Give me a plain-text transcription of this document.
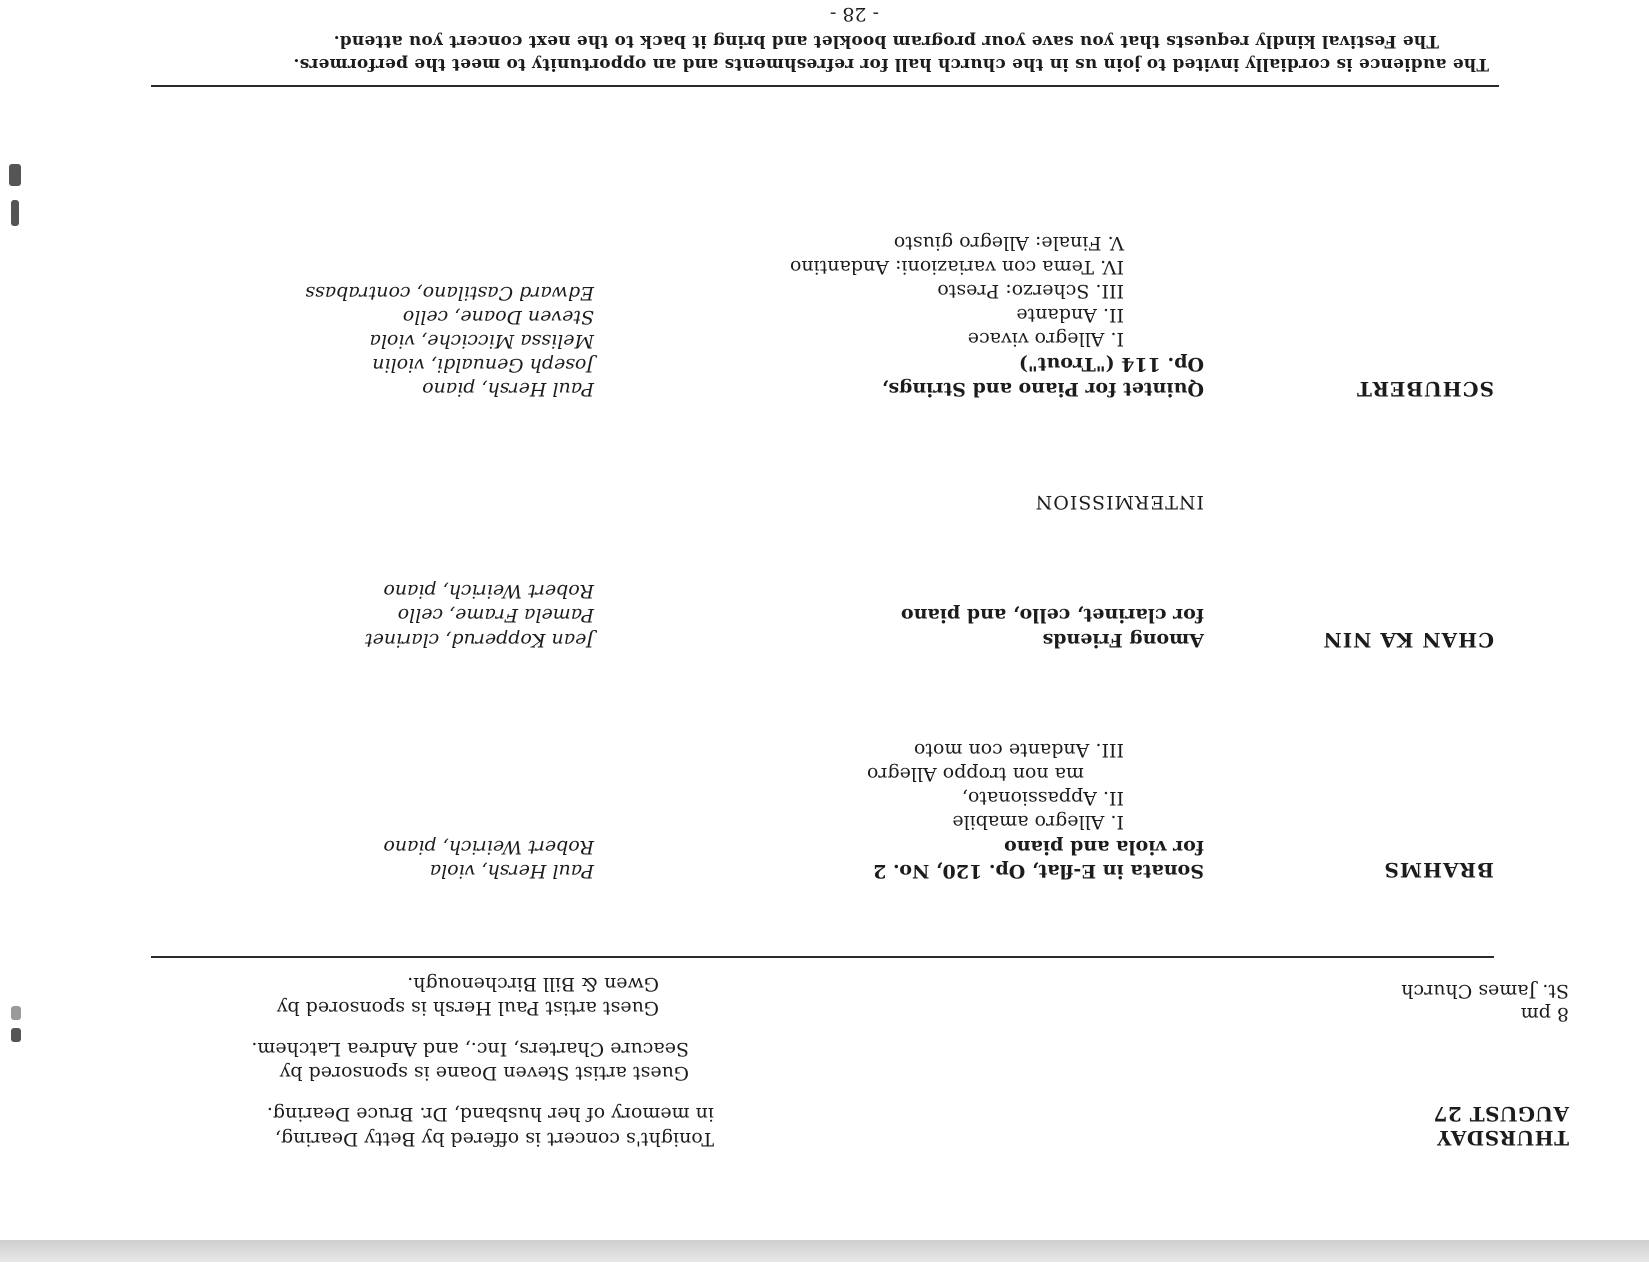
THURSDAY
AUGUST 27
8 pm
St. James Church
Tonight's concert is offered by Betty Dearing,
in memory of her husband, Dr. Bruce Dearing.
Guest artist Steven Doane is sponsored by
Seacure Charters, Inc., and Andrea Latchem.
Guest artist Paul Hersh is sponsored by
Gwen & Bill Birchenough.
BRAHMS
Sonata in E-flat, Op. 120, No. 2
for viola and piano
I. Allegro amabile
II. Appassionato,
ma non troppo Allegro
III. Andante con moto
Paul Hersh, viola
Robert Weirich, piano
CHAN KA NIN
Among Friends
for clarinet, cello, and piano
Jean Kopperud, clarinet
Pamela Frame, cello
Robert Weirich, piano
INTERMISSION
SCHUBERT
Quintet for Piano and Strings,
Op. 114 ("Trout")
I. Allegro vivace
II. Andante
III. Scherzo: Presto
IV. Tema con variazioni: Andantino
V. Finale: Allegro giusto
Paul Hersh, piano
Joseph Genualdi, violin
Melissa Micciche, viola
Steven Doane, cello
Edward Castilano, contrabass
The audience is cordially invited to join us in the church hall for refreshments and an opportunity to meet the performers.
The Festival kindly requests that you save your program booklet and bring it back to the next concert you attend.
- 28 -
